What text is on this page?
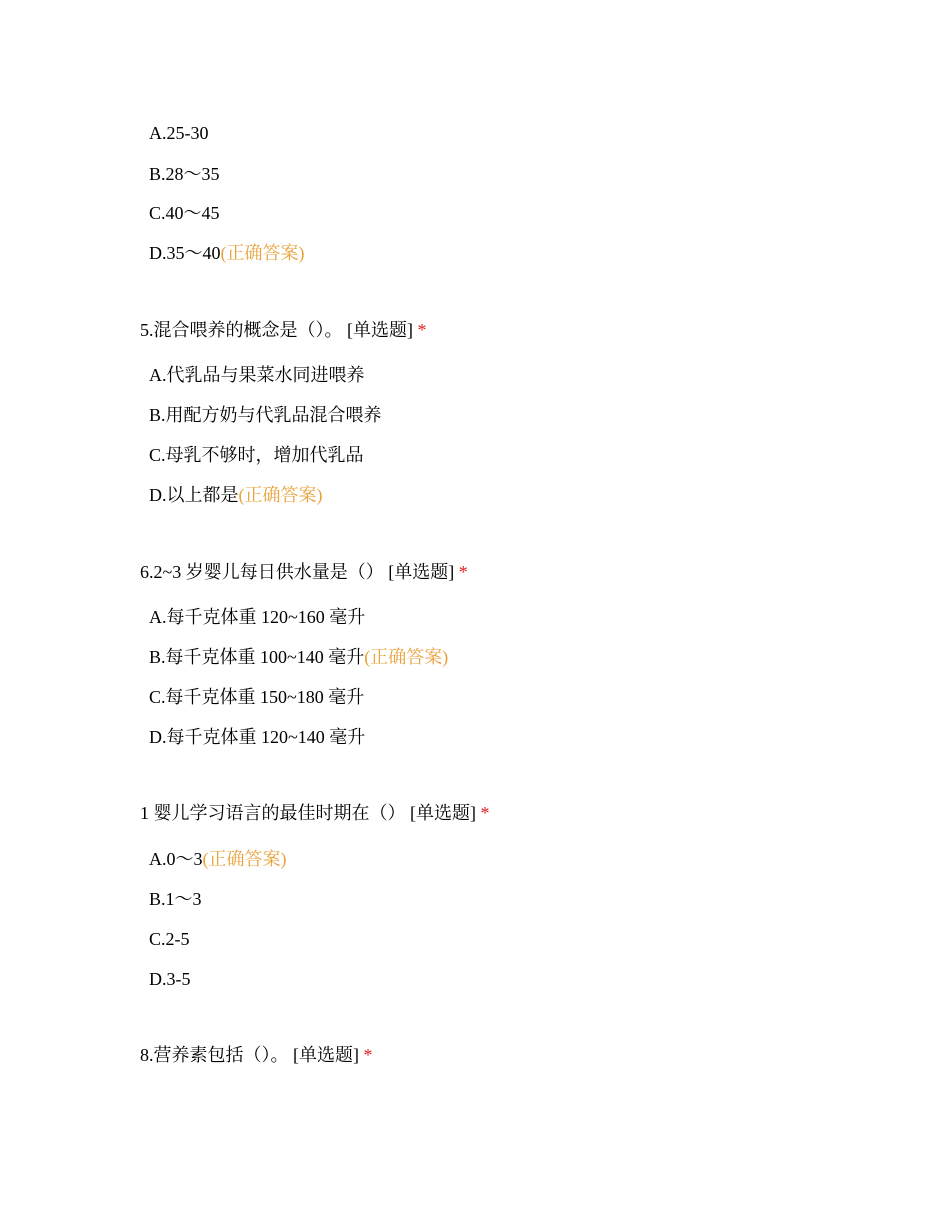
A.25-30
B.28～35
C.40～45
D.35～40(正确答案)
5.混合喂养的概念是（）。 [单选题] *
A.代乳品与果菜水同进喂养
B.用配方奶与代乳品混合喂养
C.母乳不够时，增加代乳品
D.以上都是(正确答案)
6.2~3 岁婴儿每日供水量是（） [单选题] *
A.每千克体重 120~160 毫升
B.每千克体重 100~140 毫升(正确答案)
C.每千克体重 150~180 毫升
D.每千克体重 120~140 毫升
1 婴儿学习语言的最佳时期在（） [单选题] *
A.0～3(正确答案)
B.1～3
C.2-5
D.3-5
8.营养素包括（）。 [单选题] *
